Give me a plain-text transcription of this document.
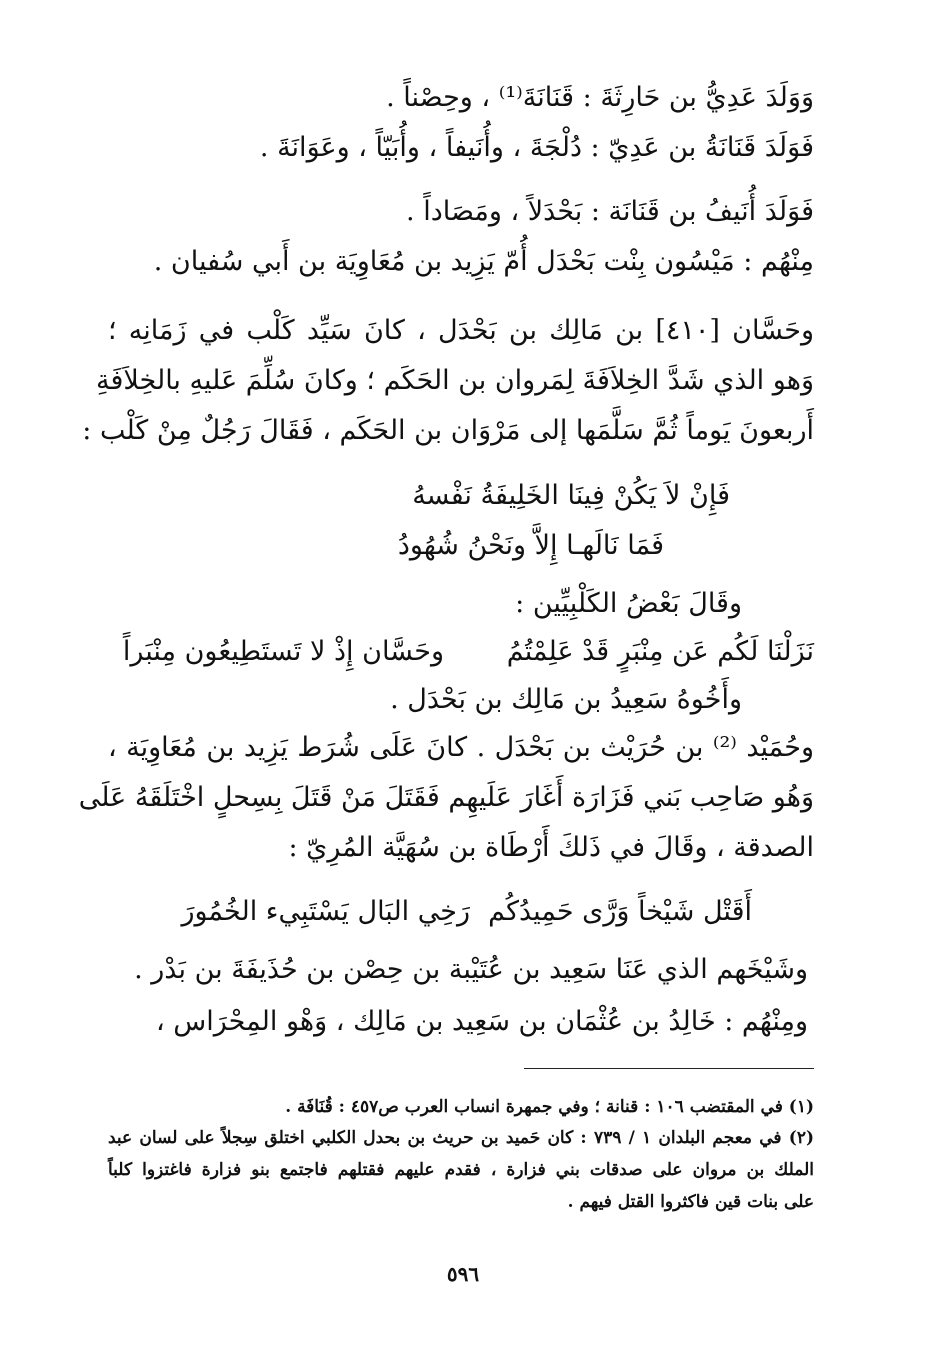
وَوَلَدَ عَدِيُّ بن حَارِثَةَ : قَنَانَةَ⁽¹⁾ ، وحِصْناً .
فَوَلَدَ قَنَانَةُ بن عَدِيّ : دُلْجَةَ ، وأُنَيفاً ، وأُبَيّاً ، وعَوَانَةَ .
فَوَلَدَ أُنَيفُ بن قَنَانَة : بَحْدَلاً ، ومَصَاداً .
مِنْهُم : مَيْسُون بِنْت بَحْدَل أُمّ يَزِيد بن مُعَاوِيَة بن أَبي سُفيان .
وحَسَّان [٤١٠] بن مَالِك بن بَحْدَل ، كانَ سَيِّد كَلْب في زَمَانِه ؛
وَهو الذي شَدَّ الخِلاَفَةَ لِمَروان بن الحَكَم ؛ وكانَ سُلِّمَ عَليهِ بالخِلاَفَةِ
أَربعونَ يَوماً ثُمَّ سَلَّمَها إلى مَرْوَان بن الحَكَم ، فَقَالَ رَجُلٌ مِنْ كَلْب :
فَإِنْ لاَ يَكُنْ فِينَا الخَلِيفَةُ نَفْسهُ
فَمَا نَالَهـا إِلاَّ ونَحْنُ شُهُودُ
وقَالَ بَعْضُ الكَلْبِيِّين :
نَزَلْنَا لَكُم عَن مِنْبَرٍ قَدْ عَلِمْتُمُ
وحَسَّان إِذْ لا تَستَطِيعُون مِنْبَراً
وأَخُوهُ سَعِيدُ بن مَالِك بن بَحْدَل .
وحُمَيْد ⁽²⁾ بن حُرَيْث بن بَحْدَل . كانَ عَلَى شُرَط يَزِيد بن مُعَاوِيَة ،
وَهُو صَاحِب بَني فَزَارَة أَغَارَ عَلَيهِم فَقَتَلَ مَنْ قَتَلَ بِسِحلٍ اخْتَلَقَهُ عَلَى
الصدقة ، وقَالَ في ذَلكَ أَرْطَاة بن سُهَيَّة المُرِيّ :
أَقَتْل شَيْخاً وَرَّى حَمِيدُكُم
رَخِي البَال يَسْتَبِيء الخُمُورَ
وشَيْخَهم الذي عَنَا سَعِيد بن عُتَيْبة بن حِصْن بن حُذَيفَةَ بن بَدْر .
ومِنْهُم : خَالِدُ بن عُثْمَان بن سَعِيد بن مَالِك ، وَهْو المِحْرَاس ،
(١) في المقتضب ١٠٦ : قنانة ؛ وفي جمهرة انساب العرب ص٤٥٧ : قُنَافَة .
(٢) في معجم البلدان ١ / ٧٣٩ : كان حَميد بن حريث بن بحدل الكلبي اختلق سِجلاً على لسان عبد
الملك بن مروان على صدقات بني فزارة ، فقدم عليهم فقتلهم فاجتمع بنو فزارة فاغتزوا كلباً
على بنات قين فاكثروا القتل فيهم .
٥٩٦
